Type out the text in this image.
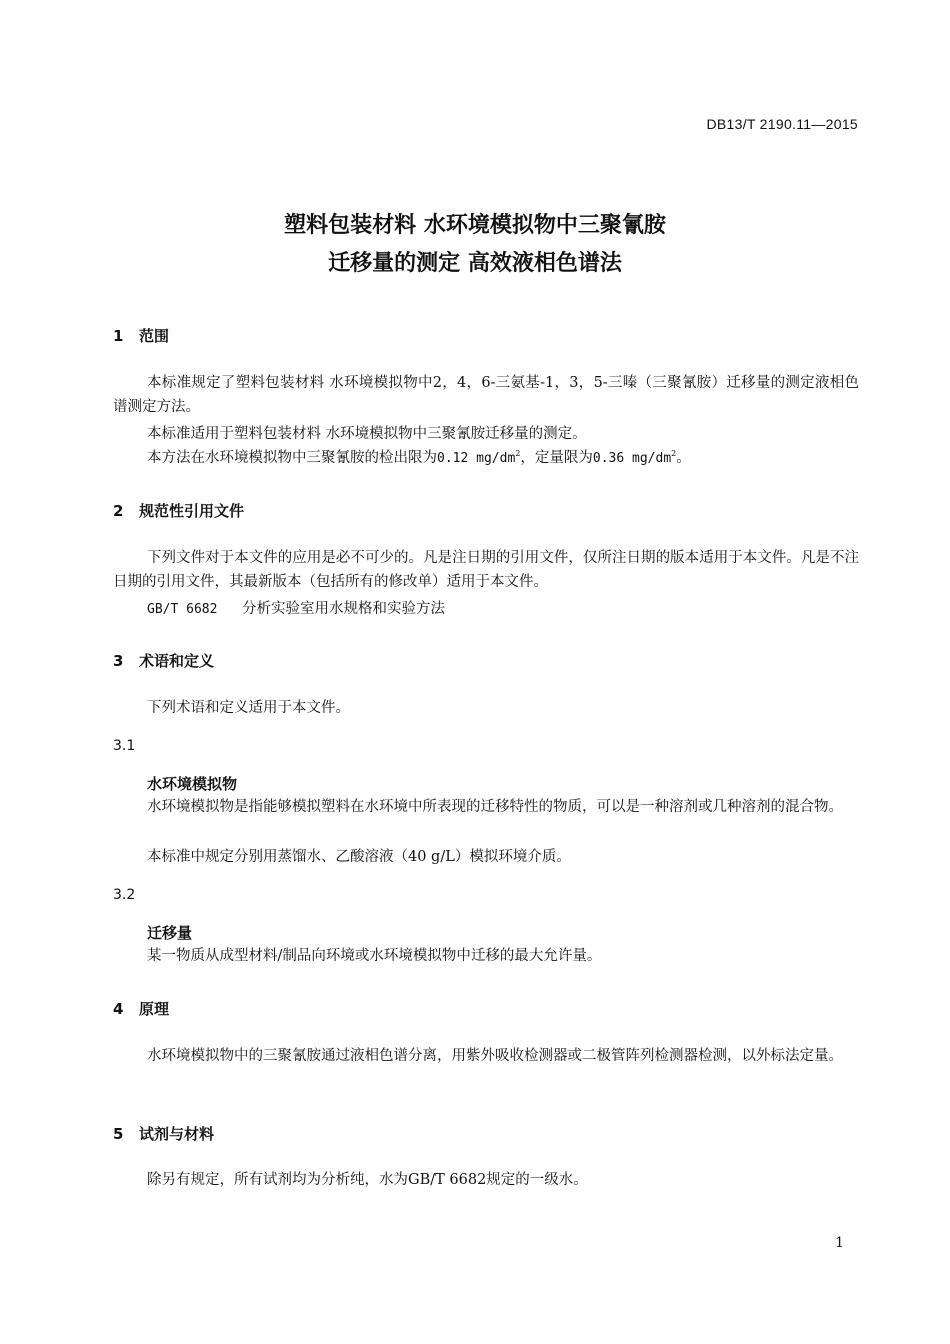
DB13/T 2190.11—2015
塑料包装材料 水环境模拟物中三聚氰胺
迁移量的测定 高效液相色谱法
1 范围
本标准规定了塑料包装材料 水环境模拟物中2，4，6-三氨基-1，3，5-三嗪（三聚氰胺）迁移量的测定液相色谱测定方法。
本标准适用于塑料包装材料 水环境模拟物中三聚氰胺迁移量的测定。
本方法在水环境模拟物中三聚氰胺的检出限为0.12 $mg/dm^2$，定量限为0.36 $mg/dm^2$。
2 规范性引用文件
下列文件对于本文件的应用是必不可少的。凡是注日期的引用文件，仅所注日期的版本适用于本文件。凡是不注日期的引用文件，其最新版本（包括所有的修改单）适用于本文件。
GB/T 6682 分析实验室用水规格和实验方法
3 术语和定义
下列术语和定义适用于本文件。
3.1
水环境模拟物
水环境模拟物是指能够模拟塑料在水环境中所表现的迁移特性的物质，可以是一种溶剂或几种溶剂的混合物。
本标准中规定分别用蒸馏水、乙酸溶液（40 g/L）模拟环境介质。
3.2
迁移量
某一物质从成型材料/制品向环境或水环境模拟物中迁移的最大允许量。
4 原理
水环境模拟物中的三聚氰胺通过液相色谱分离，用紫外吸收检测器或二极管阵列检测器检测，以外标法定量。
5 试剂与材料
除另有规定，所有试剂均为分析纯，水为GB/T 6682规定的一级水。
1
